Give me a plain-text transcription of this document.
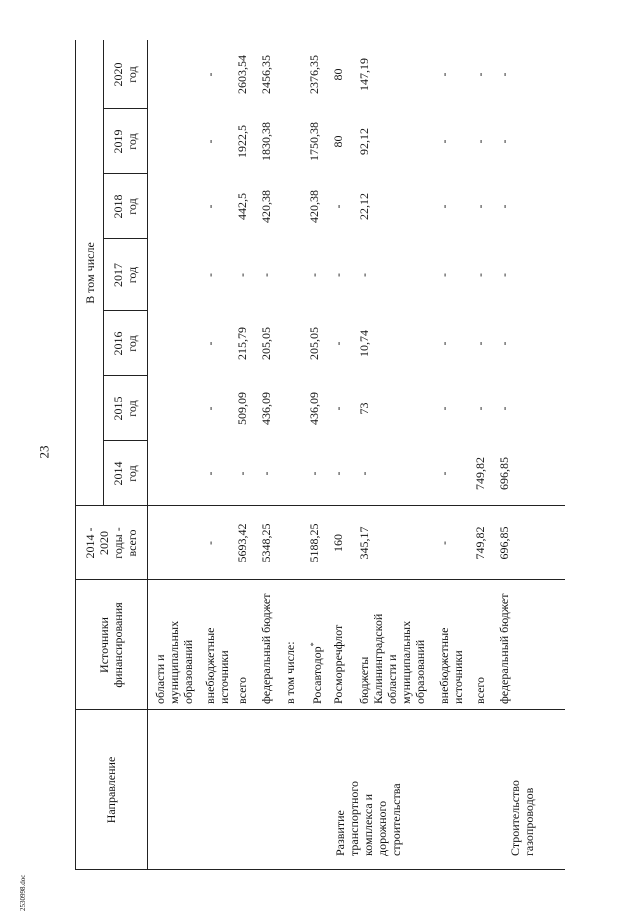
23
2530998.doc
Направление
Источники финансирования
2014 - 2020 годы - всего
В том числе
2014 год
2015 год
2016 год
2017 год
2018 год
2019 год
2020 год
Развитие транспортного комплекса и дорожного строительства	Строительство газопроводов
области и муниципальных образований внебюджетные источники
-
-
-
-
-
-
-
-
всего
5693,42
-
509,09
215,79
-
442,5
1922,5
2603,54
федеральный бюджет
5348,25
-
436,09
205,05
-
420,38
1830,38
2456,35
в том числе: Росавтодор*
5188,25
-
436,09
205,05
-
420,38
1750,38
2376,35
Росморречфлот
160
-
-
-
-
-
80
80
бюджеты Калининградской области и муниципальных образований
345,17
-
73
10,74
-
22,12
92,12
147,19
внебюджетные источники
-
-
-
-
-
-
-
-
всего
749,82
749,82
-
-
-
-
-
-
федеральный бюджет
696,85
696,85
-
-
-
-
-
-
